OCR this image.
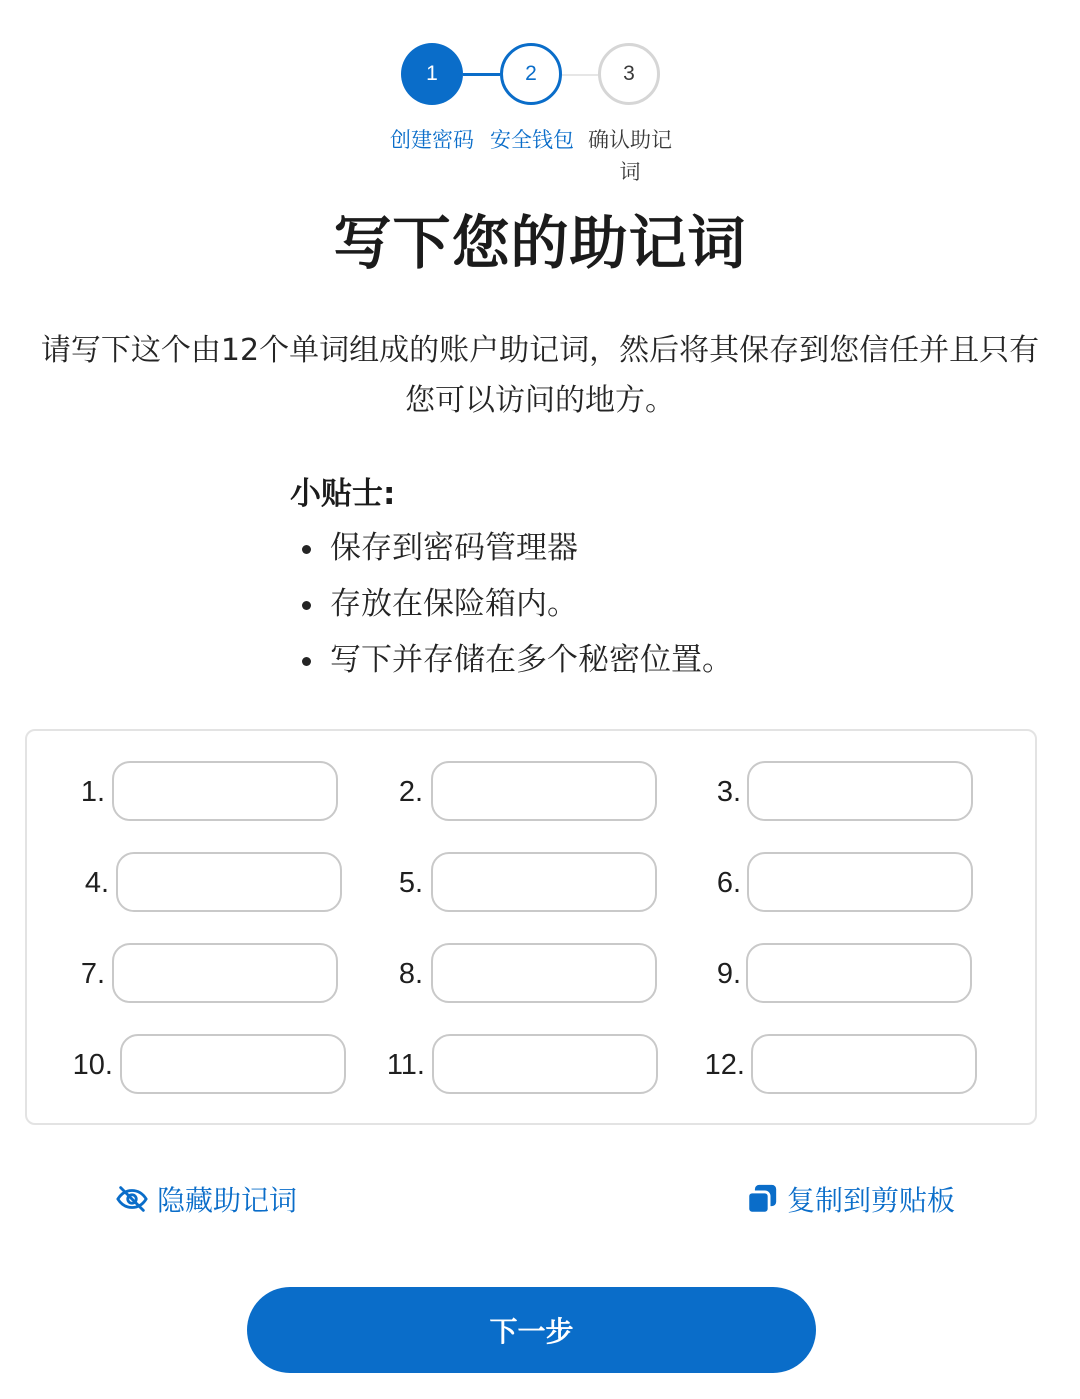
1	2	3
创建密码 安全钱包 确认助记词
写下您的助记词
请写下这个由12个单词组成的账户助记词，然后将其保存到您信任并且只有您可以访问的地方。
小贴士:
保存到密码管理器
存放在保险箱内。
写下并存储在多个秘密位置。
1.	2.	3.
4.	5.	6.
7.	8.	9.
10.	11.	12.
隐藏助记词	复制到剪贴板
下一步
